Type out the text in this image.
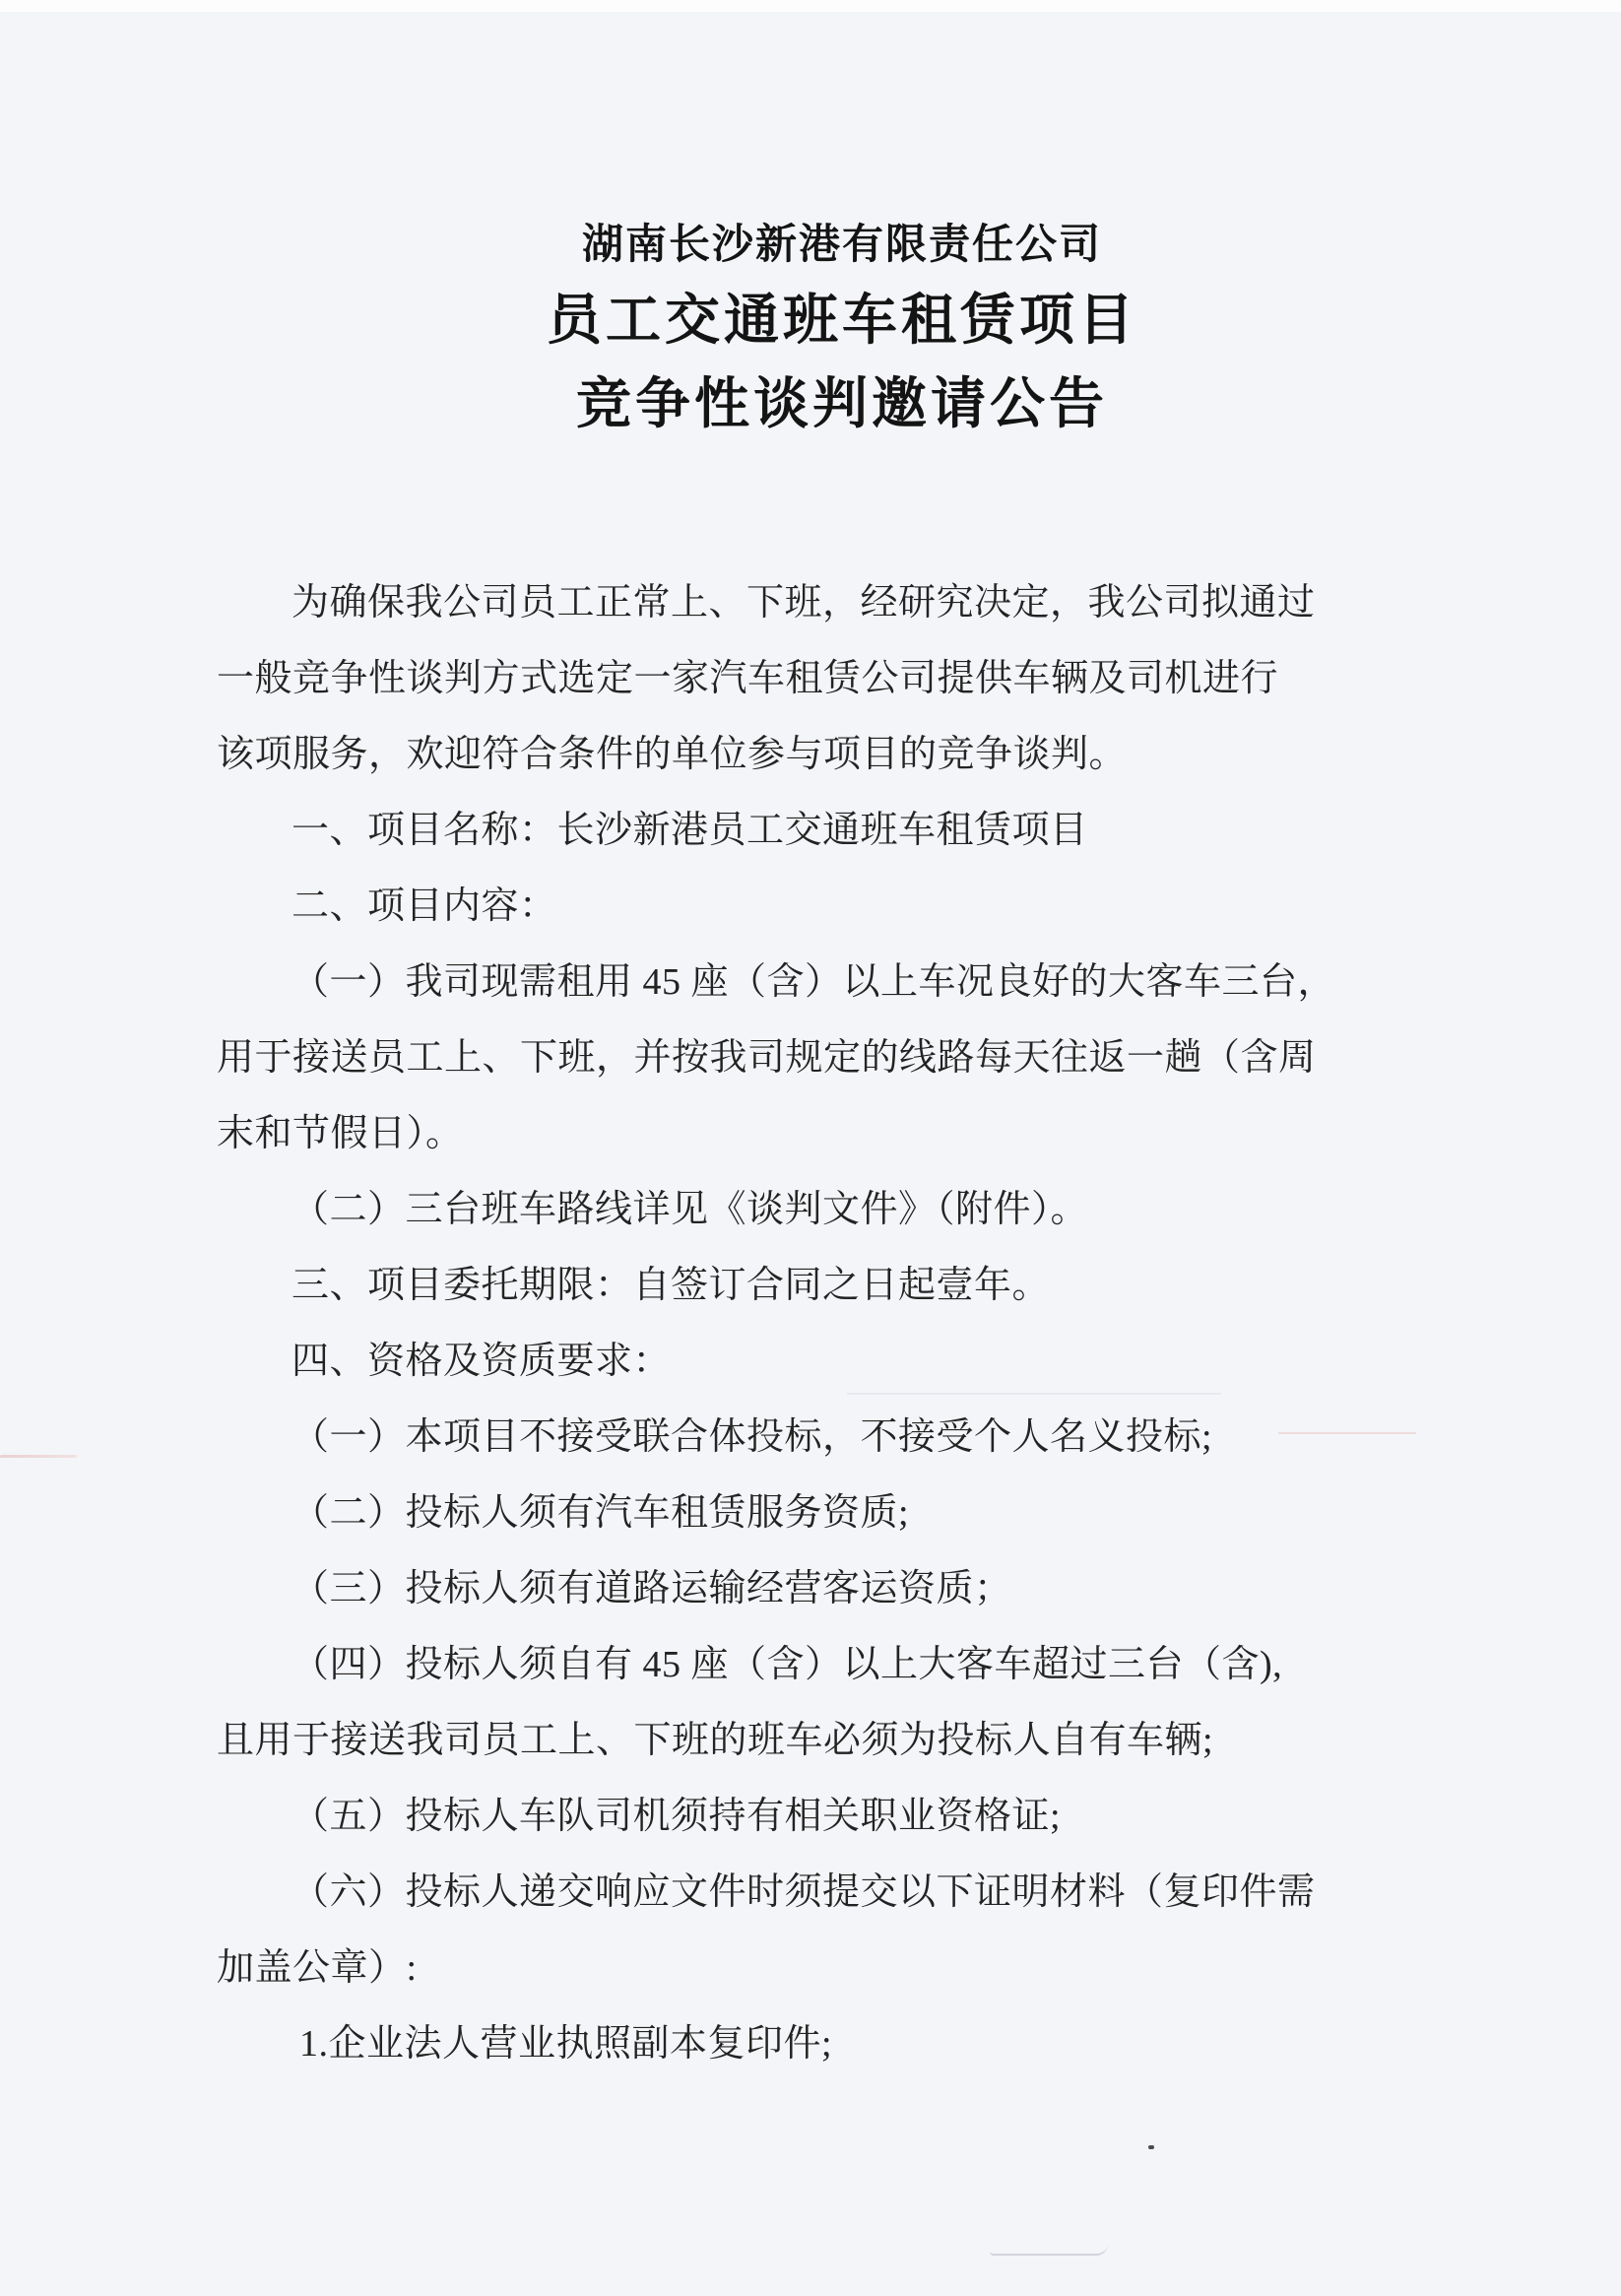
湖南长沙新港有限责任公司
员工交通班车租赁项目
竞争性谈判邀请公告
为确保我公司员工正常上、下班，经研究决定，我公司拟通过
一般竞争性谈判方式选定一家汽车租赁公司提供车辆及司机进行
该项服务，欢迎符合条件的单位参与项目的竞争谈判。
一、项目名称：长沙新港员工交通班车租赁项目
二、项目内容：
（一）我司现需租用 45 座（含）以上车况良好的大客车三台，
用于接送员工上、下班，并按我司规定的线路每天往返一趟（含周
末和节假日）。
（二）三台班车路线详见《谈判文件》（附件）。
三、项目委托期限：自签订合同之日起壹年。
四、资格及资质要求：
（一）本项目不接受联合体投标，不接受个人名义投标;
（二）投标人须有汽车租赁服务资质;
（三）投标人须有道路运输经营客运资质；
（四）投标人须自有 45 座（含）以上大客车超过三台（含),
且用于接送我司员工上、下班的班车必须为投标人自有车辆;
（五）投标人车队司机须持有相关职业资格证;
（六）投标人递交响应文件时须提交以下证明材料（复印件需
加盖公章）:
1.企业法人营业执照副本复印件;
